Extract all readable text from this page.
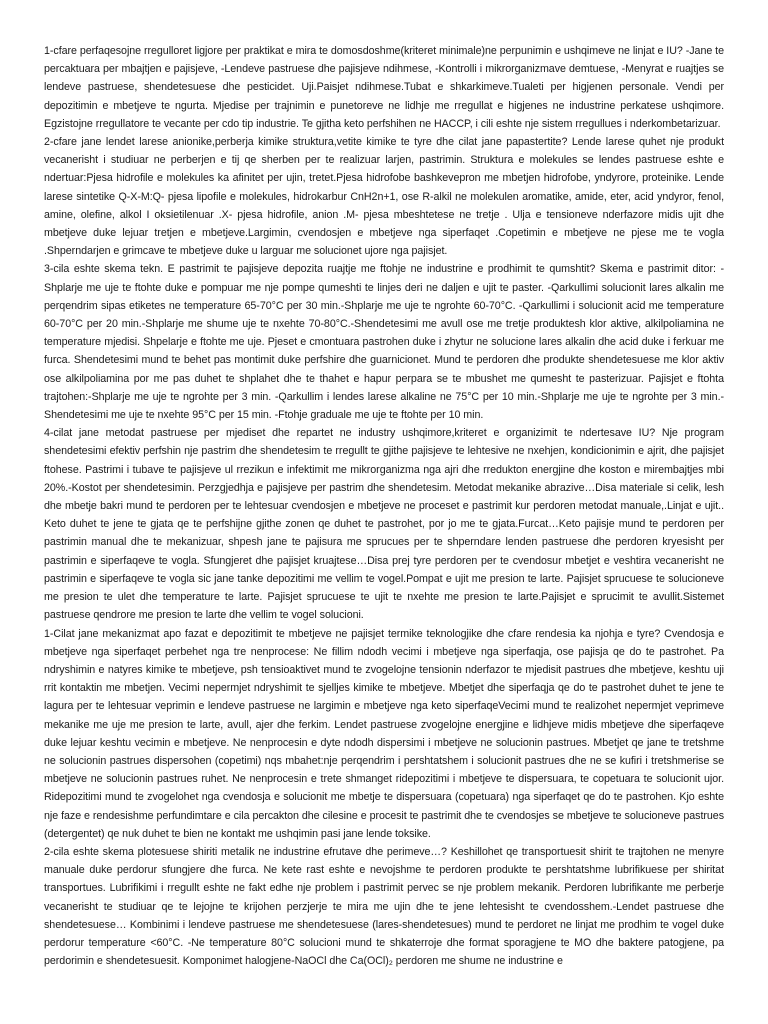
1-cfare perfaqesojne rregulloret ligjore per praktikat e mira te domosdoshme(kriteret minimale)ne perpunimin e ushqimeve ne linjat e IU? -Jane te percaktuara per mbajtjen e pajisjeve, -Lendeve pastruese dhe pajisjeve ndihmese, -Kontrolli i mikrorganizmave demtuese, -Menyrat e ruajtjes se lendeve pastruese, shendetesuese dhe pesticidet. Uji.Paisjet ndihmese.Tubat e shkarkimeve.Tualeti per higjenen personale. Vendi per depozitimin e mbetjeve te ngurta. Mjedise per trajnimin e punetoreve ne lidhje me rregullat e higjenes ne industrine perkatese ushqimore. Egzistojne rregullatore te vecante per cdo tip industrie. Te gjitha keto perfshihen ne HACCP, i cili eshte nje sistem rregullues i nderkombetarizuar.

2-cfare jane lendet larese anionike,perberja kimike struktura,vetite kimike te tyre dhe cilat jane papastertite? Lende larese quhet nje produkt vecanerisht i studiuar ne perberjen e tij qe sherben per te realizuar larjen, pastrimin. Struktura e molekules se lendes pastruese eshte e ndertuar:Pjesa hidrofile e molekules ka afinitet per ujin, tretet.Pjesa hidrofobe bashkevepron me mbetjen hidrofobe, yndyrore, proteinike. Lende larese sintetike Q-X-M:Q- pjesa lipofile e molekules, hidrokarbur CnH2n+1, ose R-alkil ne molekulen aromatike, amide, eter, acid yndyror, fenol, amine, olefine, alkol I oksietilenuar .X- pjesa hidrofile, anion .M- pjesa mbeshtetese ne tretje . Ulja e tensioneve nderfazore midis ujit dhe mbetjeve duke lejuar tretjen e mbetjeve.Largimin, cvendosjen e mbetjeve nga siperfaqet .Copetimin e mbetjeve ne pjese me te vogla .Shperndarjen e grimcave te mbetjeve duke u larguar me solucionet ujore nga pajisjet.

3-cila eshte skema tekn. E pastrimit te pajisjeve depozita ruajtje me ftohje ne industrine e prodhimit te qumshtit? Skema e pastrimit ditor: -Shplarje me uje te ftohte duke e pompuar me nje pompe qumeshti te linjes deri ne daljen e ujit te paster. -Qarkullimi solucionit lares alkalin me perqendrim sipas etiketes ne temperature 65-70°C per 30 min.-Shplarje me uje te ngrohte 60-70°C. -Qarkullimi i solucionit acid me temperature 60-70°C per 20 min.-Shplarje me shume uje te nxehte 70-80°C.-Shendetesimi me avull ose me tretje produktesh klor aktive, alkilpoliamina ne temperature mjedisi. Shpelarje e ftohte me uje. Pjeset e cmontuara pastrohen duke i zhytur ne solucione lares alkalin dhe acid duke i ferkuar me furca. Shendetesimi mund te behet pas montimit duke perfshire dhe guarnicionet. Mund te perdoren dhe produkte shendetesuese me klor aktiv ose alkilpoliamina por me pas duhet te shplahet dhe te thahet e hapur perpara se te mbushet me qumesht te pasterizuar. Pajisjet e ftohta trajtohen:-Shplarje me uje te ngrohte per 3 min. -Qarkullim i lendes larese alkaline ne 75°C per 10 min.-Shplarje me uje te ngrohte per 3 min.-Shendetesimi me uje te nxehte 95°C per 15 min. -Ftohje graduale me uje te ftohte per 10 min.

4-cilat jane metodat pastruese per mjediset dhe repartet ne industry ushqimore,kriteret e organizimit te ndertesave IU? Nje program shendetesimi efektiv perfshin nje pastrim dhe shendetesim te rregullt te gjithe pajisjeve te lehtesive ne nxehjen, kondicionimin e ajrit, dhe pajisjet ftohese. Pastrimi i tubave te pajisjeve ul rrezikun e infektimit me mikrorganizma nga ajri dhe rredukton energjine dhe koston e mirembajtjes mbi 20%.-Kostot per shendetesimin. Perzgjedhja e pajisjeve per pastrim dhe shendetesim. Metodat mekanike abrazive…Disa materiale si celik, lesh dhe mbetje bakri mund te perdoren per te lehtesuar cvendosjen e mbetjeve ne proceset e pastrimit kur perdoren metodat manuale,.Linjat e ujit.. Keto duhet te jene te gjata qe te perfshijne gjithe zonen qe duhet te pastrohet, por jo me te gjata.Furcat…Keto pajisje mund te perdoren per pastrimin manual dhe te mekanizuar, shpesh jane te pajisura me sprucues per te shperndare lenden pastruese dhe perdoren kryesisht per pastrimin e siperfaqeve te vogla. Sfungjeret dhe pajisjet kruajtese…Disa prej tyre perdoren per te cvendosur mbetjet e veshtira vecanerisht ne pastrimin e siperfaqeve te vogla sic jane tanke depozitimi me vellim te vogel.Pompat e ujit me presion te larte. Pajisjet sprucuese te solucioneve me presion te ulet dhe temperature te larte. Pajisjet sprucuese te ujit te nxehte me presion te larte.Pajisjet e sprucimit te avullit.Sistemet pastruese qendrore me presion te larte dhe vellim te vogel solucioni.

1-Cilat jane mekanizmat apo fazat e depozitimit te mbetjeve ne pajisjet termike teknologjike dhe cfare rendesia ka njohja e tyre? Cvendosja e mbetjeve nga siperfaqet perbehet nga tre nenprocese: Ne fillim ndodh vecimi i mbetjeve nga siperfaqja, ose pajisja qe do te pastrohet. Pa ndryshimin e natyres kimike te mbetjeve, psh tensioaktivet mund te zvogelojne tensionin nderfazor te mjedisit pastrues dhe mbetjeve, keshtu uji rrit kontaktin me mbetjen. Vecimi nepermjet ndryshimit te sjelljes kimike te mbetjeve. Mbetjet dhe siperfaqja qe do te pastrohet duhet te jene te lagura per te lehtesuar veprimin e lendeve pastruese ne largimin e mbetjeve nga keto siperfaqeVecimi mund te realizohet nepermjet veprimeve mekanike me uje me presion te larte, avull, ajer dhe ferkim. Lendet pastruese zvogelojne energjine e lidhjeve midis mbetjeve dhe siperfaqeve duke lejuar keshtu vecimin e mbetjeve. Ne nenprocesin e dyte ndodh dispersimi i mbetjeve ne solucionin pastrues. Mbetjet qe jane te tretshme ne solucionin pastrues dispersohen (copetimi) nqs mbahet:nje perqendrim i pershtatshem i solucionit pastrues dhe ne se kufiri i tretshmerise se mbetjeve ne solucionin pastrues ruhet. Ne nenprocesin e trete shmanget ridepozitimi i mbetjeve te dispersuara, te copetuara te solucionit ujor. Ridepozitimi mund te zvogelohet nga cvendosja e solucionit me mbetje te dispersuara (copetuara) nga siperfaqet qe do te pastrohen. Kjo eshte nje faze e rendesishme perfundimtare e cila percakton dhe cilesine e procesit te pastrimit dhe te cvendosjes se mbetjeve te solucioneve pastrues (detergentet) qe nuk duhet te bien ne kontakt me ushqimin pasi jane lende toksike.

2-cila eshte skema plotesuese shiriti metalik ne industrine efrutave dhe perimeve…? Keshillohet qe transportuesit shirit te trajtohen ne menyre manuale duke perdorur sfungjere dhe furca. Ne kete rast eshte e nevojshme te perdoren produkte te pershtatshme lubrifikuese per shiritat transportues. Lubrifikimi i rregullt eshte ne fakt edhe nje problem i pastrimit pervec se nje problem mekanik. Perdoren lubrifikante me perberje vecanerisht te studiuar qe te lejojne te krijohen perzjerje te mira me ujin dhe te jene lehtesisht te cvendosshem.-Lendet pastruese dhe shendetesuese… Kombinimi i lendeve pastruese me shendetesuese (lares-shendetesues) mund te perdoret ne linjat me prodhim te vogel duke perdorur temperature <60°C. -Ne temperature 80°C solucioni mund te shkaterroje dhe format sporagjene te MO dhe baktere patogjene, pa perdorimin e shendetesuesit. Komponimet halogjene-NaOCl dhe Ca(OCl)₂ perdoren me shume ne industrine e
